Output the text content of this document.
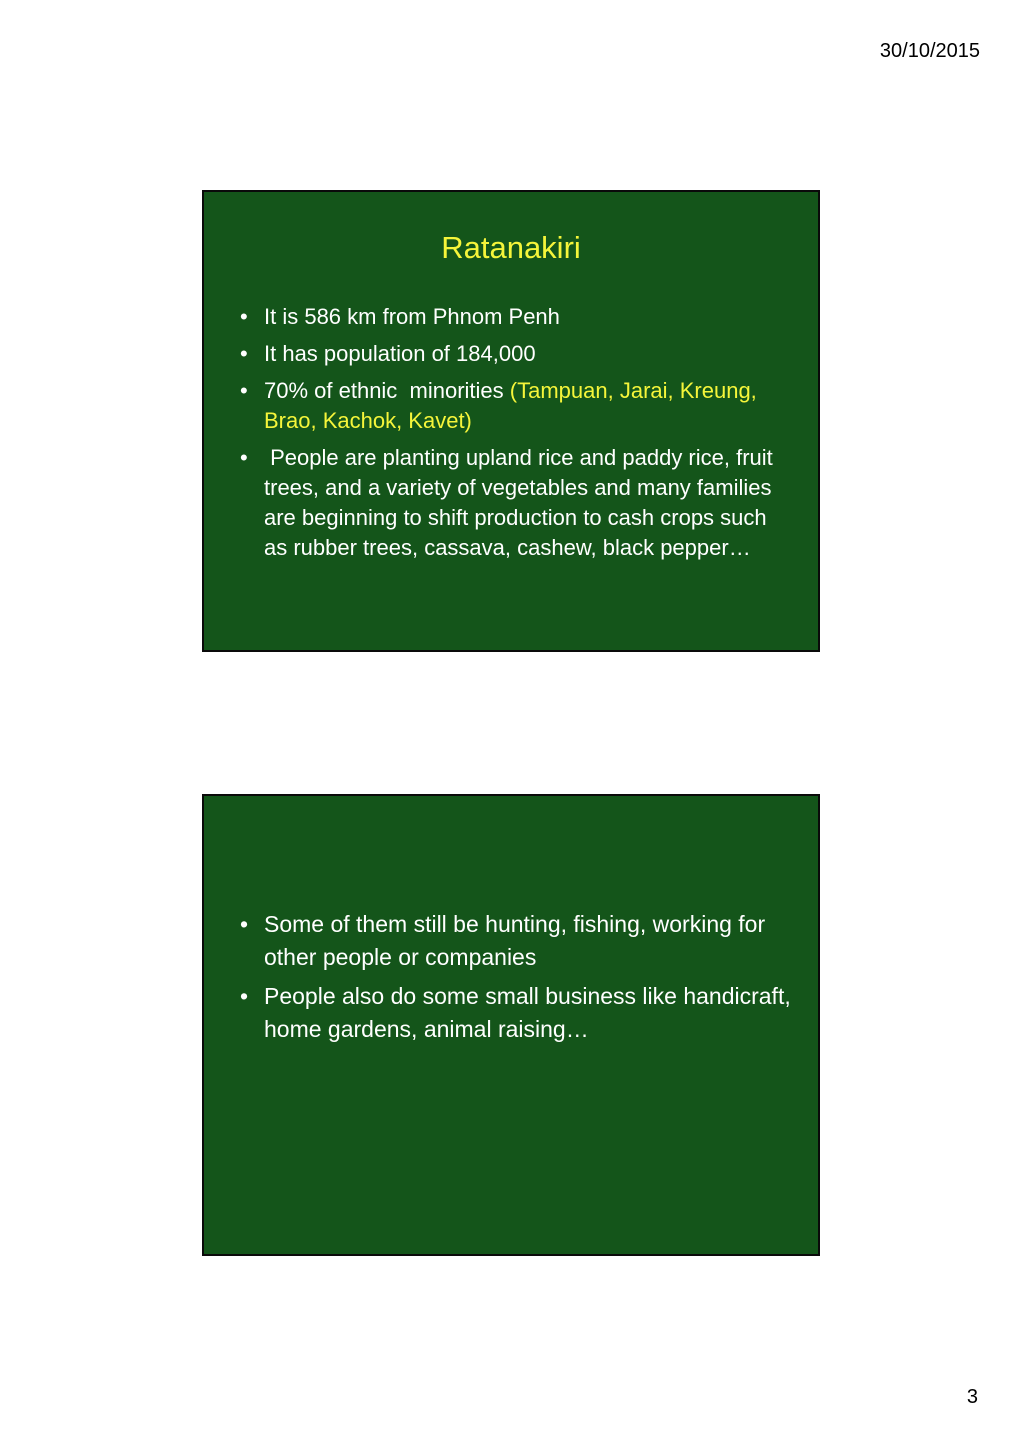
30/10/2015
Ratanakiri
• It is 586 km from Phnom Penh
• It has population of 184,000
• 70% of ethnic  minorities (Tampuan, Jarai, Kreung, Brao, Kachok, Kavet)
•  People are planting upland rice and paddy rice, fruit trees, and a variety of vegetables and many families are beginning to shift production to cash crops such as rubber trees, cassava, cashew, black pepper…
• Some of them still be hunting, fishing, working for other people or companies
• People also do some small business like handicraft, home gardens, animal raising…
3
